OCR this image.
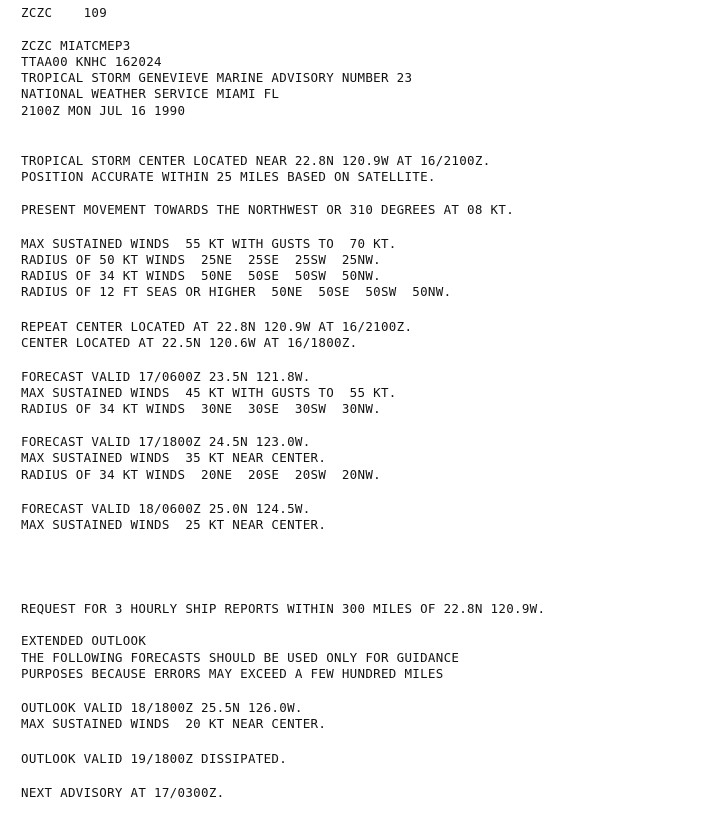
ZCZC    109

ZCZC MIATCMEP3

TTAA00 KNHC 162024

TROPICAL STORM GENEVIEVE MARINE ADVISORY NUMBER 23

NATIONAL WEATHER SERVICE MIAMI FL

2100Z MON JUL 16 1990

TROPICAL STORM CENTER LOCATED NEAR 22.8N 120.9W AT 16/2100Z.

POSITION ACCURATE WITHIN 25 MILES BASED ON SATELLITE.

PRESENT MOVEMENT TOWARDS THE NORTHWEST OR 310 DEGREES AT 08 KT.

MAX SUSTAINED WINDS  55 KT WITH GUSTS TO  70 KT.

RADIUS OF 50 KT WINDS  25NE  25SE  25SW  25NW.

RADIUS OF 34 KT WINDS  50NE  50SE  50SW  50NW.

RADIUS OF 12 FT SEAS OR HIGHER  50NE  50SE  50SW  50NW.

REPEAT CENTER LOCATED AT 22.8N 120.9W AT 16/2100Z.

CENTER LOCATED AT 22.5N 120.6W AT 16/1800Z.

FORECAST VALID 17/0600Z 23.5N 121.8W.

MAX SUSTAINED WINDS  45 KT WITH GUSTS TO  55 KT.

RADIUS OF 34 KT WINDS  30NE  30SE  30SW  30NW.

FORECAST VALID 17/1800Z 24.5N 123.0W.

MAX SUSTAINED WINDS  35 KT NEAR CENTER.

RADIUS OF 34 KT WINDS  20NE  20SE  20SW  20NW.

FORECAST VALID 18/0600Z 25.0N 124.5W.

MAX SUSTAINED WINDS  25 KT NEAR CENTER.

REQUEST FOR 3 HOURLY SHIP REPORTS WITHIN 300 MILES OF 22.8N 120.9W.

EXTENDED OUTLOOK

THE FOLLOWING FORECASTS SHOULD BE USED ONLY FOR GUIDANCE

PURPOSES BECAUSE ERRORS MAY EXCEED A FEW HUNDRED MILES

OUTLOOK VALID 18/1800Z 25.5N 126.0W.

MAX SUSTAINED WINDS  20 KT NEAR CENTER.

OUTLOOK VALID 19/1800Z DISSIPATED.

NEXT ADVISORY AT 17/0300Z.
